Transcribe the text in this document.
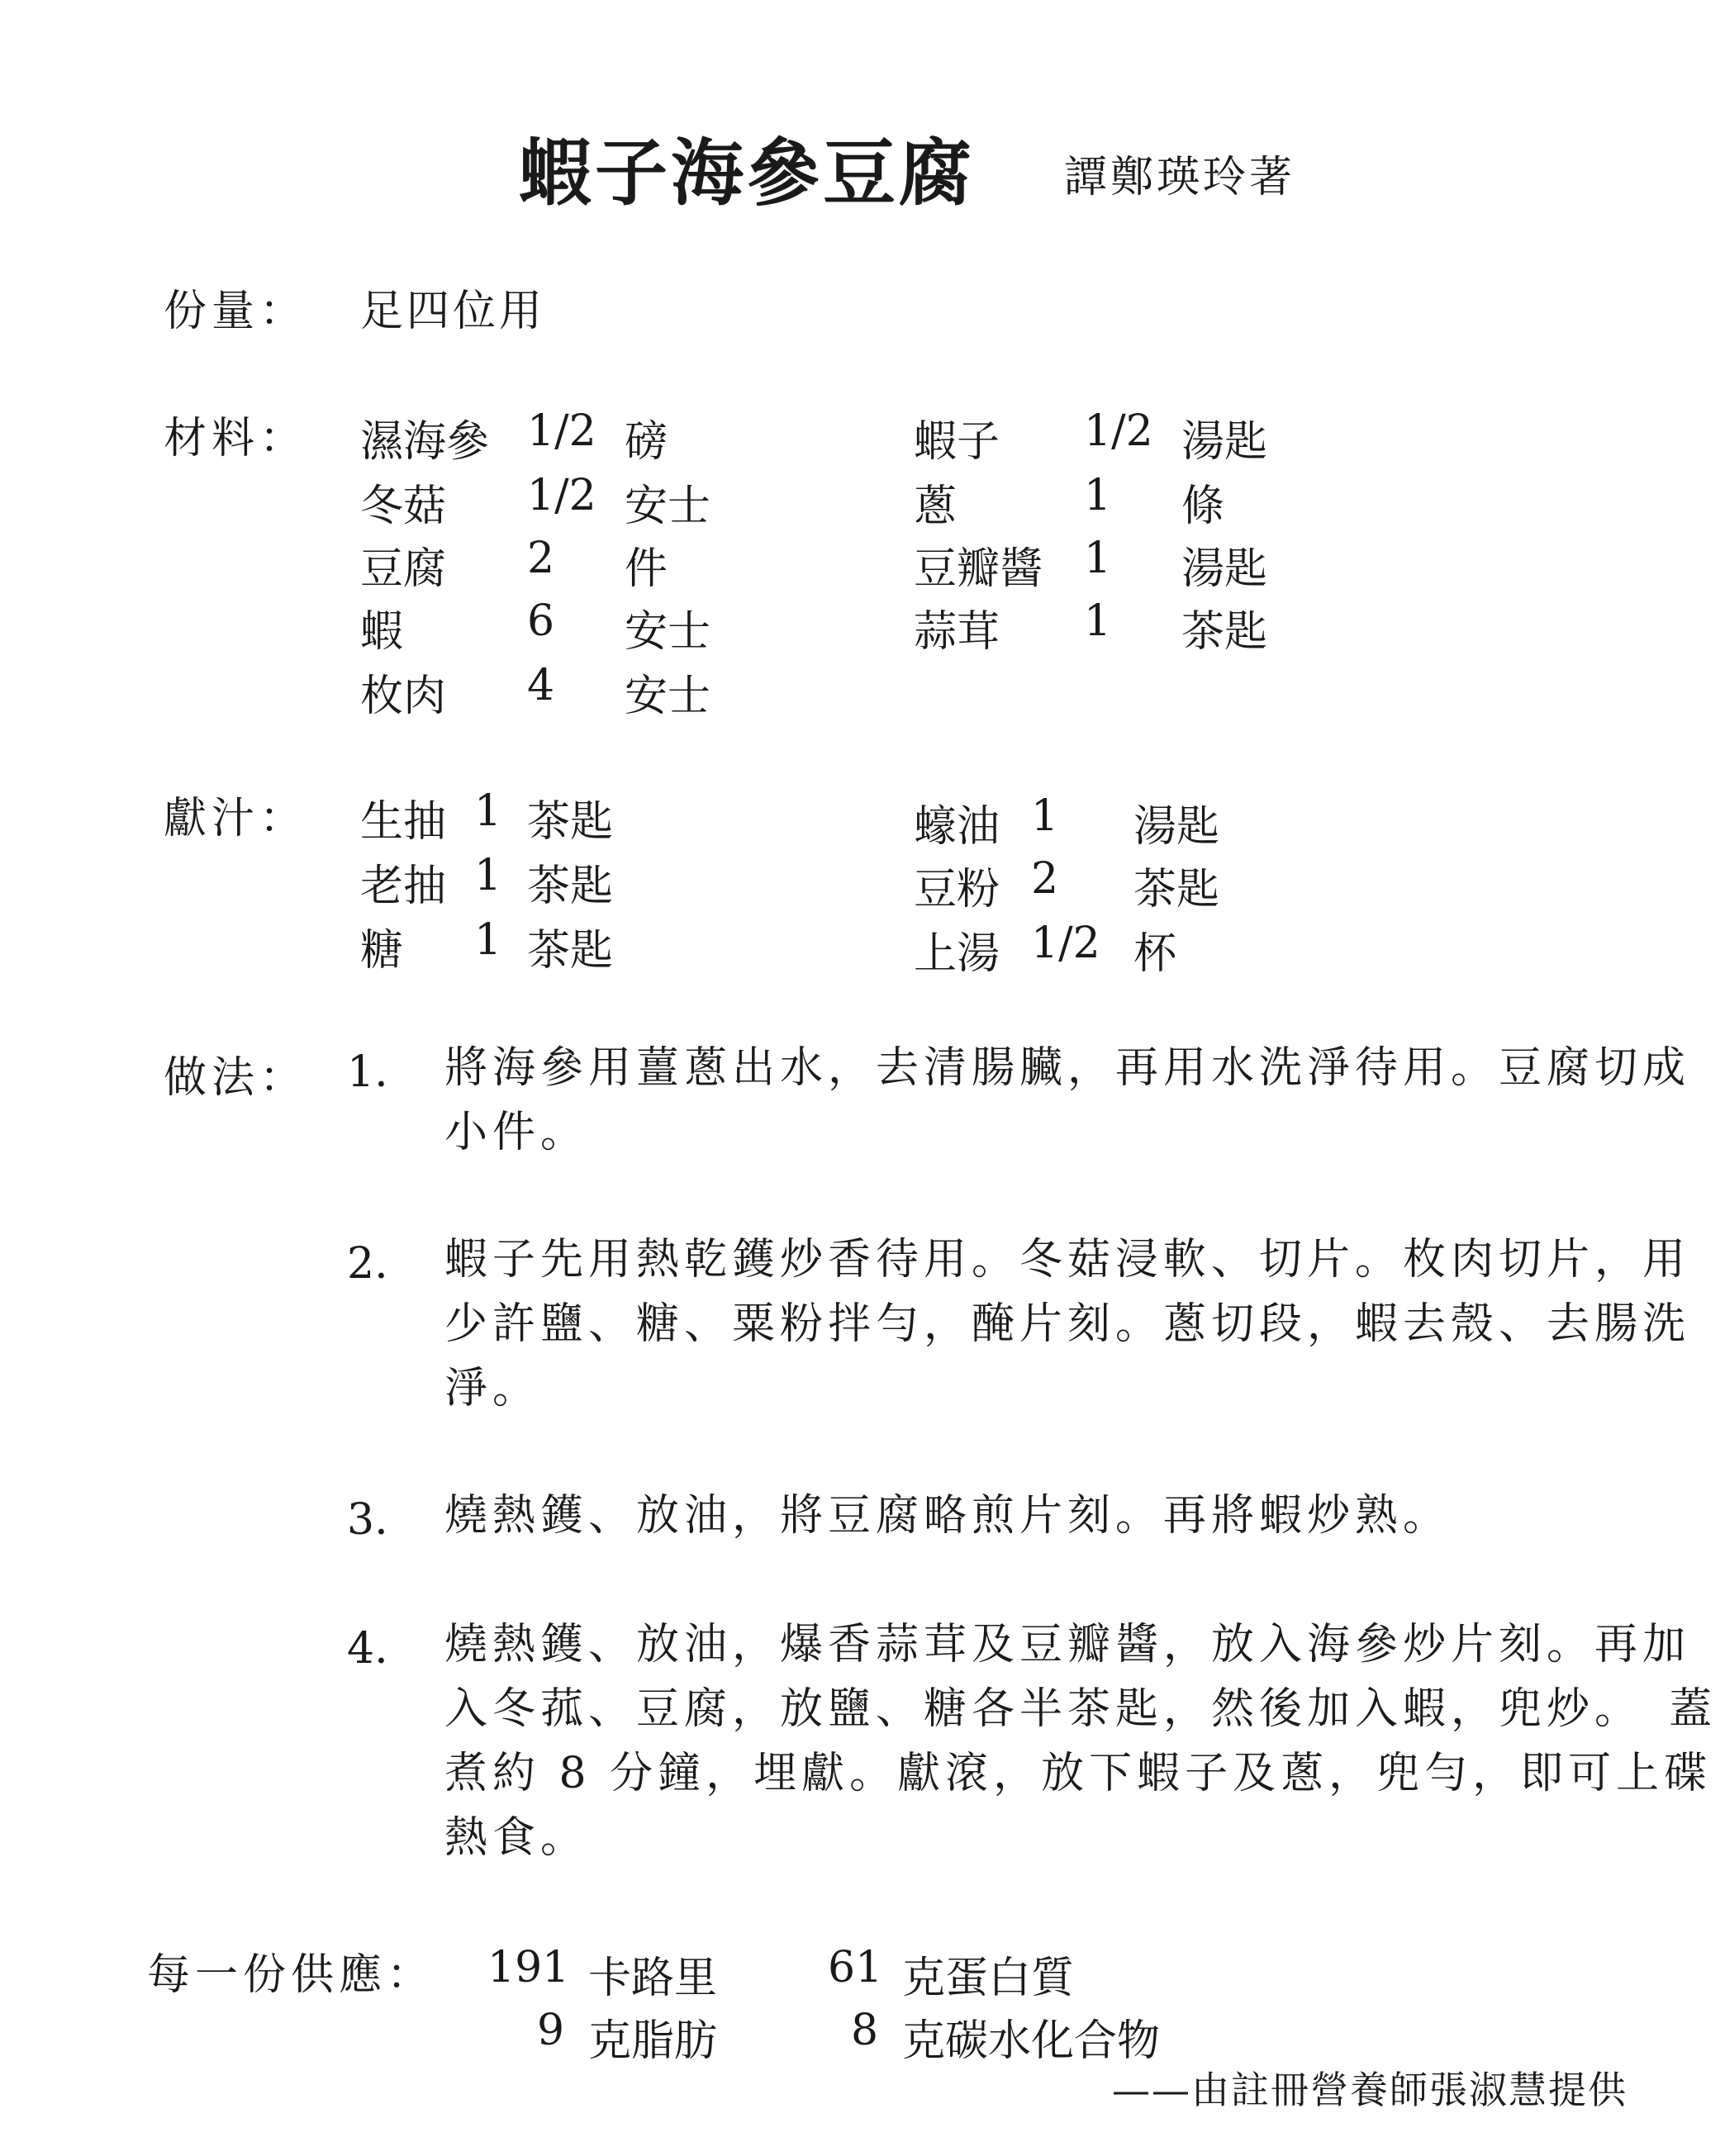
蝦子海參豆腐 譚鄭瑛玲著
份量： 足四位用
材料： 濕海參 1/2 磅
冬菇 1/2 安士
豆腐 2 件
蝦	6 安士
枚肉 4 安士
蝦子 1/2 湯匙
蔥	1 條
豆瓣醬 1 湯匙
蒜茸 1 茶匙
獻汁： 生抽 1 茶匙
老抽 1 茶匙
糖 1 茶匙
蠔油 1 湯匙
豆粉 2 茶匙
上湯 1/2 杯
做法： 1. 將海參用薑蔥出水，去清腸臟，再用水洗淨待用。豆腐切成小件。
2. 蝦子先用熱乾鑊炒香待用。冬菇浸軟、切片。枚肉切片，用少許鹽、糖、粟粉拌勻，醃片刻。蔥切段，蝦去殼、去腸洗淨。
3. 燒熱鑊、放油，將豆腐略煎片刻。再將蝦炒熟。
4. 燒熱鑊、放油，爆香蒜茸及豆瓣醬，放入海參炒片刻。再加入冬菰、豆腐，放鹽、糖各半茶匙，然後加入蝦，兜炒。　蓋煮約 8 分鐘，埋獻。獻滾，放下蝦子及蔥，兜勻，即可上碟熱食。
每一份供應： 191 卡路里	61 克蛋白質
9 克脂肪	8 克碳水化合物
——由註冊營養師張淑慧提供
